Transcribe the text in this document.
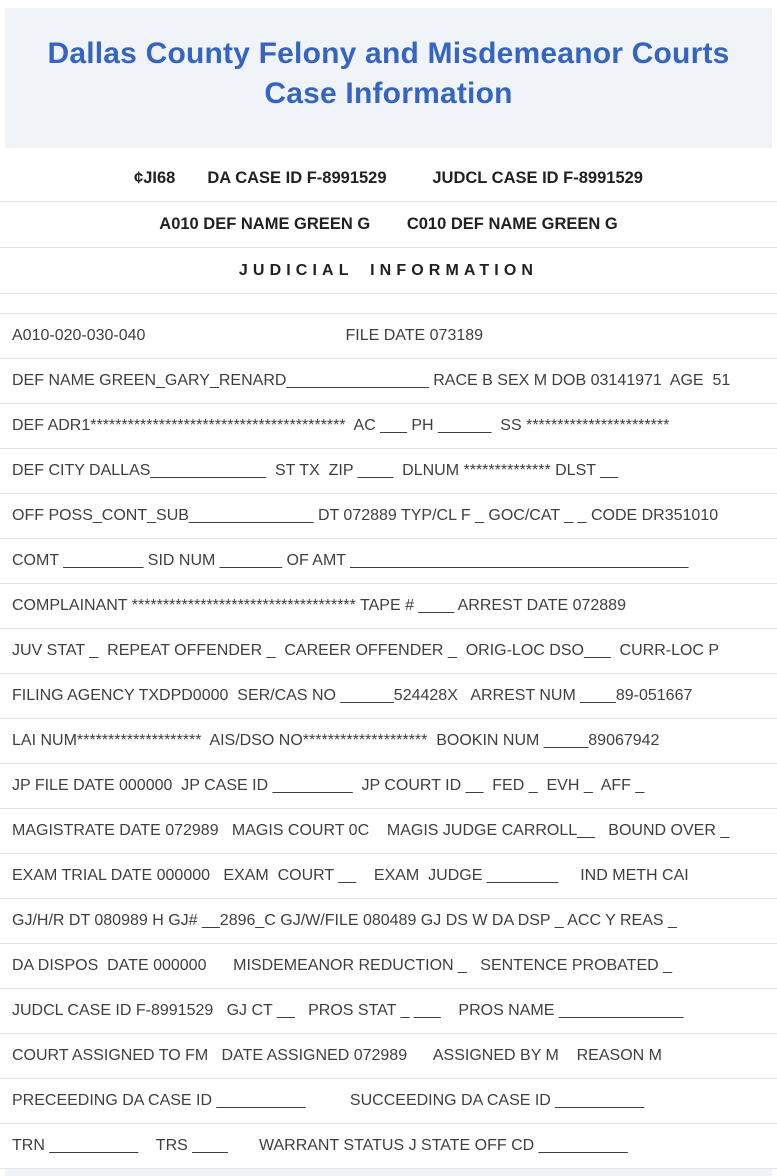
Dallas County Felony and Misdemeanor Courts
Case Information
¢JI68       DA CASE ID F-8991529          JUDCL CASE ID F-8991529
A010 DEF NAME GREEN G        C010 DEF NAME GREEN G
JUDICIAL INFORMATION
A010-020-030-040                                             FILE DATE 073189
DEF NAME GREEN_GARY_RENARD________________ RACE B SEX M DOB 03141971  AGE  51
DEF ADR1*****************************************  AC ___ PH ______  SS ***********************
DEF CITY DALLAS_____________  ST TX  ZIP ____  DLNUM ************** DLST __
OFF POSS_CONT_SUB______________ DT 072889 TYP/CL F _ GOC/CAT _ _ CODE DR351010
COMT _________ SID NUM _______ OF AMT ______________________________________
COMPLAINANT ************************************ TAPE # ____ ARREST DATE 072889
JUV STAT _  REPEAT OFFENDER _  CAREER OFFENDER _  ORIG-LOC DSO___  CURR-LOC P
FILING AGENCY TXDPD0000  SER/CAS NO ______524428X   ARREST NUM ____89-051667
LAI NUM********************  AIS/DSO NO********************  BOOKIN NUM _____89067942
JP FILE DATE 000000  JP CASE ID _________  JP COURT ID __  FED _  EVH _  AFF _
MAGISTRATE DATE 072989   MAGIS COURT 0C    MAGIS JUDGE CARROLL__   BOUND OVER _
EXAM TRIAL DATE 000000   EXAM  COURT __    EXAM  JUDGE ________     IND METH CAI
GJ/H/R DT 080989 H GJ# __2896_C GJ/W/FILE 080489 GJ DS W DA DSP _ ACC Y REAS _
DA DISPOS  DATE 000000      MISDEMEANOR REDUCTION _   SENTENCE PROBATED _
JUDCL CASE ID F-8991529   GJ CT __   PROS STAT _ ___    PROS NAME ______________
COURT ASSIGNED TO FM   DATE ASSIGNED 072989      ASSIGNED BY M    REASON M
PRECEEDING DA CASE ID __________          SUCCEEDING DA CASE ID __________
TRN __________    TRS ____       WARRANT STATUS J STATE OFF CD __________
